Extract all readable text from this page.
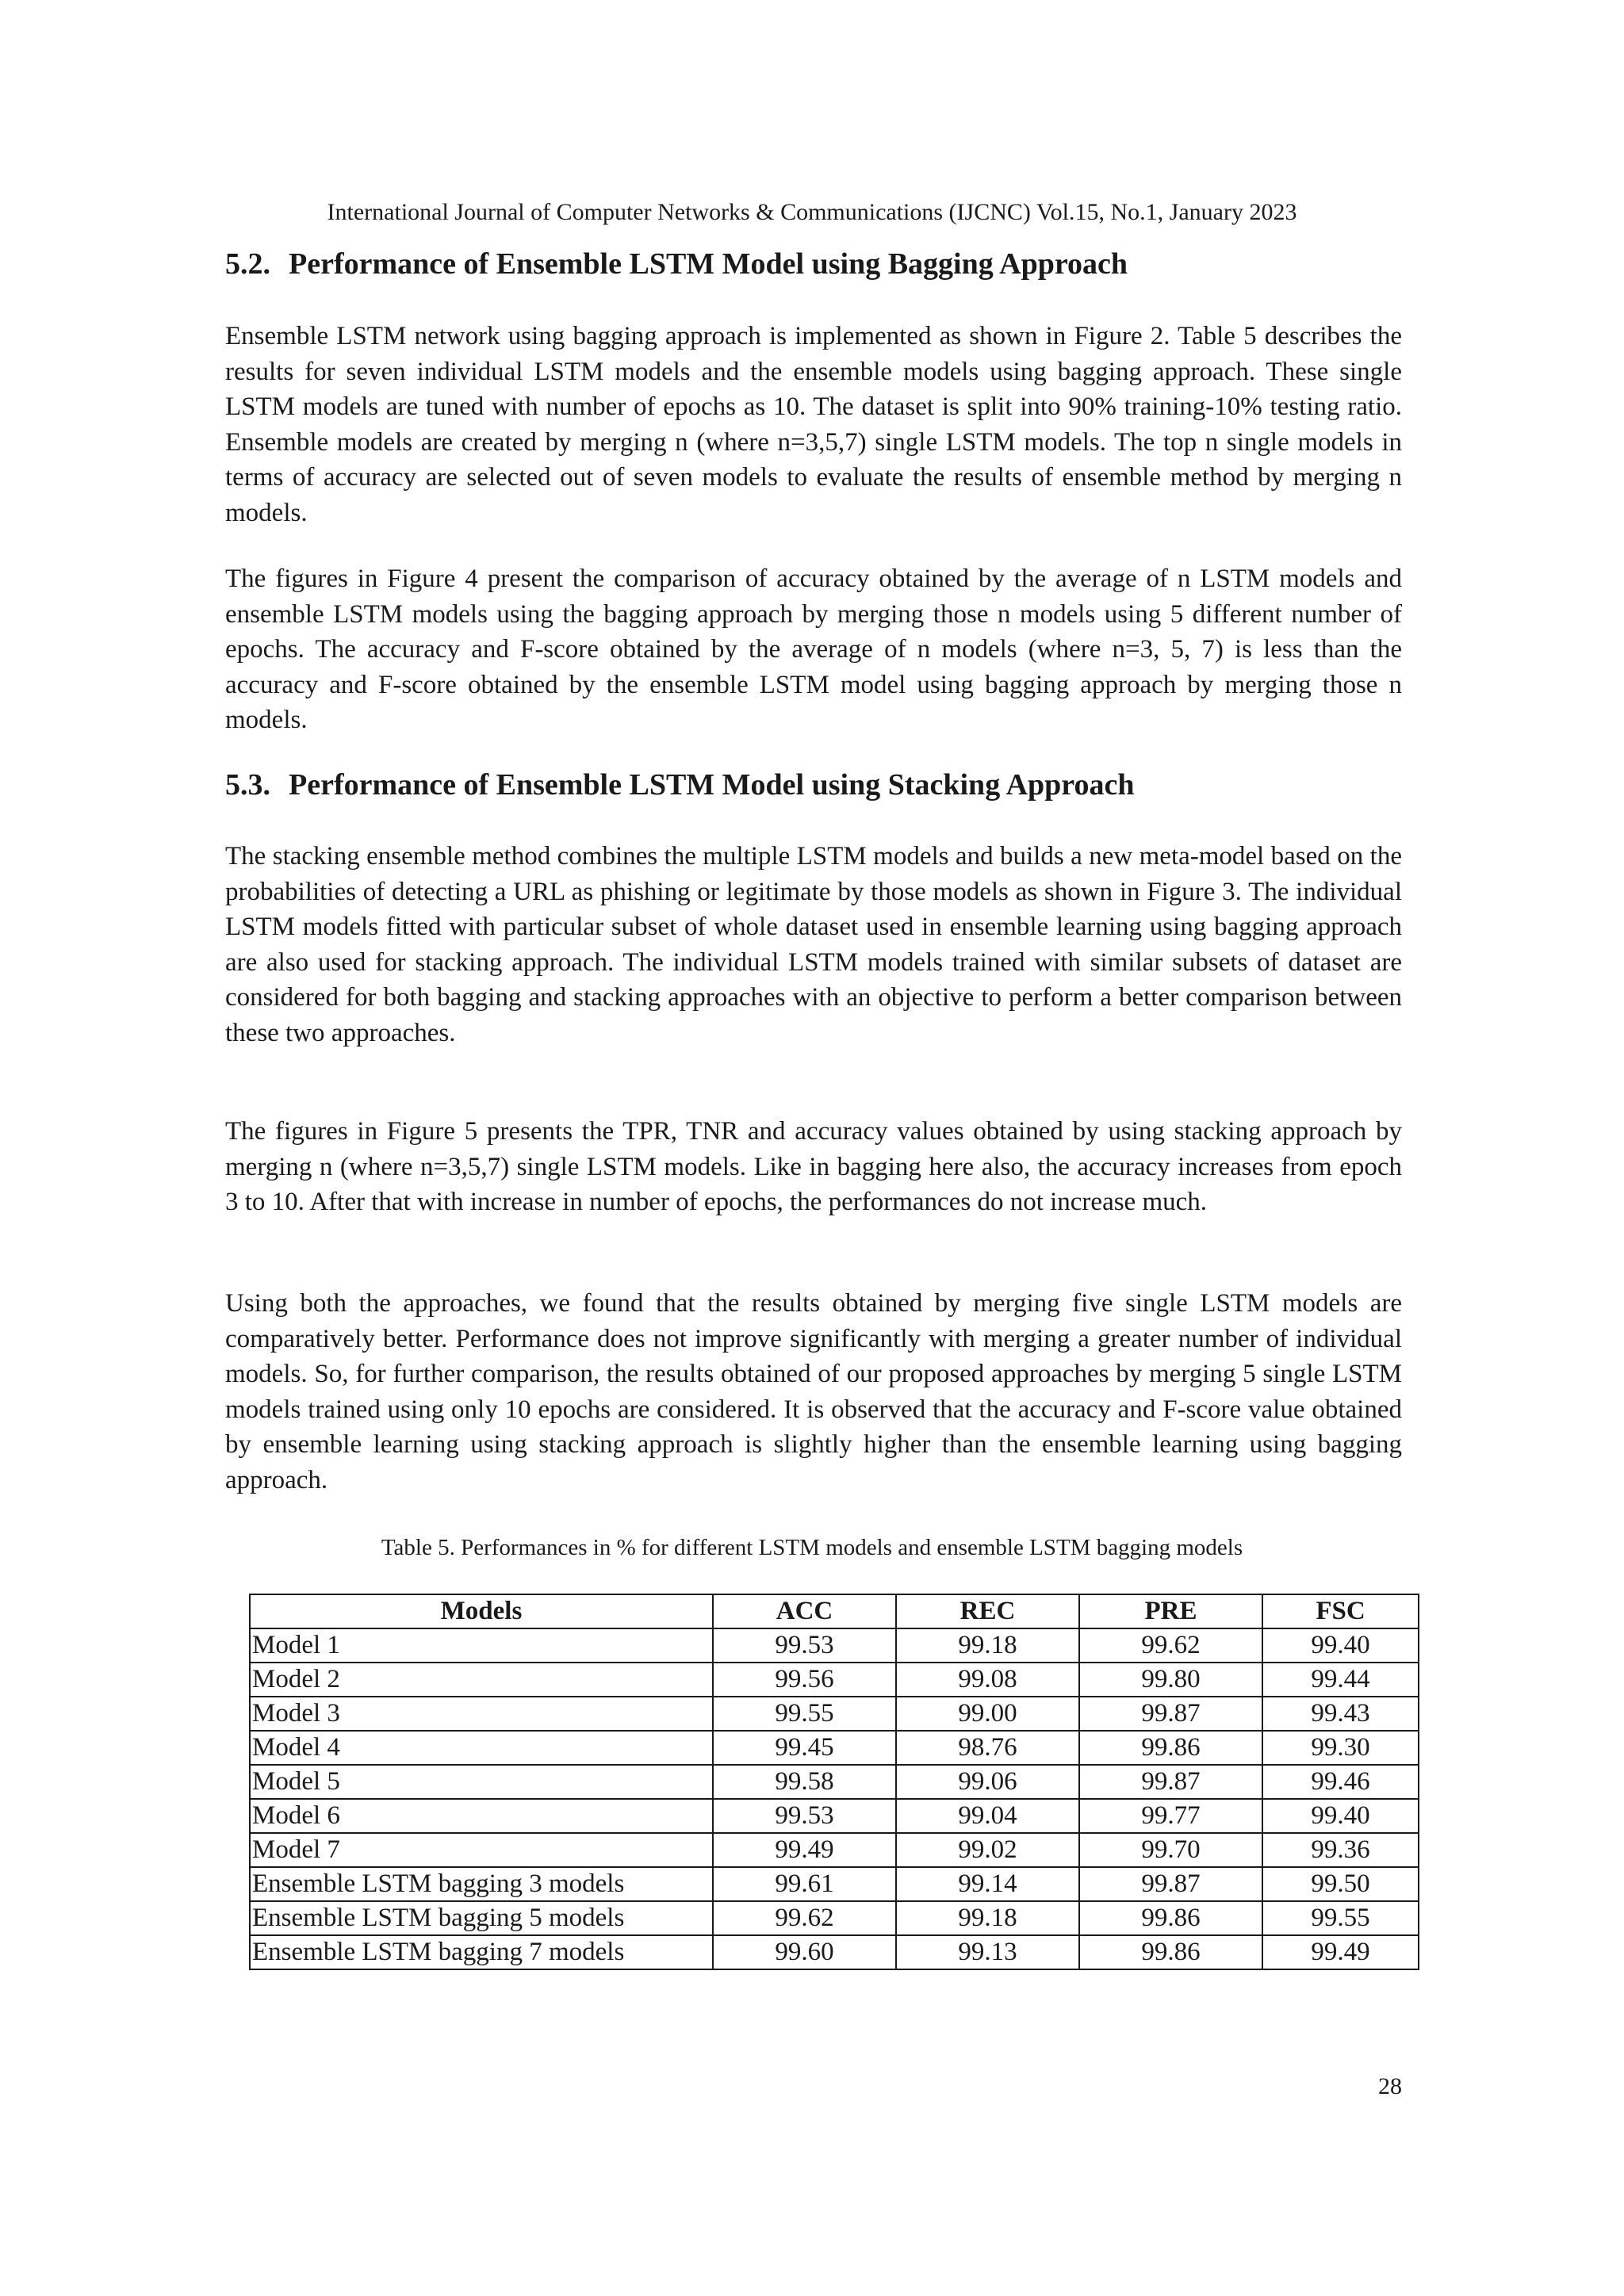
International Journal of Computer Networks & Communications (IJCNC) Vol.15, No.1, January 2023
5.2. Performance of Ensemble LSTM Model using Bagging Approach

Ensemble LSTM network using bagging approach is implemented as shown in Figure 2. Table 5 describes the results for seven individual LSTM models and the ensemble models using bagging approach. These single LSTM models are tuned with number of epochs as 10. The dataset is split into 90% training-10% testing ratio. Ensemble models are created by merging n (where n=3,5,7) single LSTM models. The top n single models in terms of accuracy are selected out of seven models to evaluate the results of ensemble method by merging n models.

The figures in Figure 4 present the comparison of accuracy obtained by the average of n LSTM models and ensemble LSTM models using the bagging approach by merging those n models using 5 different number of epochs. The accuracy and F-score obtained by the average of n models (where n=3, 5, 7) is less than the accuracy and F-score obtained by the ensemble LSTM model using bagging approach by merging those n models.

5.3. Performance of Ensemble LSTM Model using Stacking Approach

The stacking ensemble method combines the multiple LSTM models and builds a new meta-model based on the probabilities of detecting a URL as phishing or legitimate by those models as shown in Figure 3. The individual LSTM models fitted with particular subset of whole dataset used in ensemble learning using bagging approach are also used for stacking approach. The individual LSTM models trained with similar subsets of dataset are considered for both bagging and stacking approaches with an objective to perform a better comparison between these two approaches.

The figures in Figure 5 presents the TPR, TNR and accuracy values obtained by using stacking approach by merging n (where n=3,5,7) single LSTM models. Like in bagging here also, the accuracy increases from epoch 3 to 10. After that with increase in number of epochs, the performances do not increase much.

Using both the approaches, we found that the results obtained by merging five single LSTM models are comparatively better. Performance does not improve significantly with merging a greater number of individual models. So, for further comparison, the results obtained of our proposed approaches by merging 5 single LSTM models trained using only 10 epochs are considered. It is observed that the accuracy and F-score value obtained by ensemble learning using stacking approach is slightly higher than the ensemble learning using bagging approach.

Table 5. Performances in % for different LSTM models and ensemble LSTM bagging models
Models	ACC	REC	PRE	FSC
Model 1	99.53	99.18	99.62	99.40
Model 2	99.56	99.08	99.80	99.44
Model 3	99.55	99.00	99.87	99.43
Model 4	99.45	98.76	99.86	99.30
Model 5	99.58	99.06	99.87	99.46
Model 6	99.53	99.04	99.77	99.40
Model 7	99.49	99.02	99.70	99.36
Ensemble LSTM bagging 3 models	99.61	99.14	99.87	99.50
Ensemble LSTM bagging 5 models	99.62	99.18	99.86	99.55
Ensemble LSTM bagging 7 models	99.60	99.13	99.86	99.49
28
